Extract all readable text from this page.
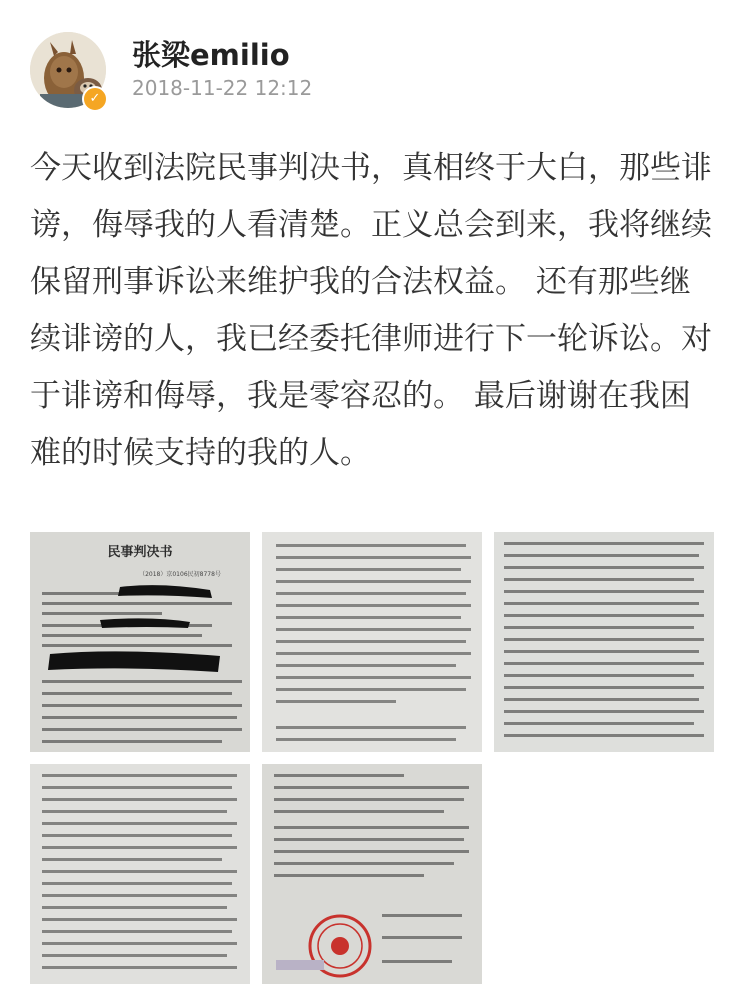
✓
张梁emilio
2018-11-22 12:12

今天收到法院民事判决书，真相终于大白，那些诽谤，侮辱我的人看清楚。正义总会到来，我将继续保留刑事诉讼来维护我的合法权益。 还有那些继续诽谤的人，我已经委托律师进行下一轮诉讼。对于诽谤和侮辱，我是零容忍的。 最后谢谢在我困难的时候支持的我的人。

民事判决书
（2018）京0106民初8778号
